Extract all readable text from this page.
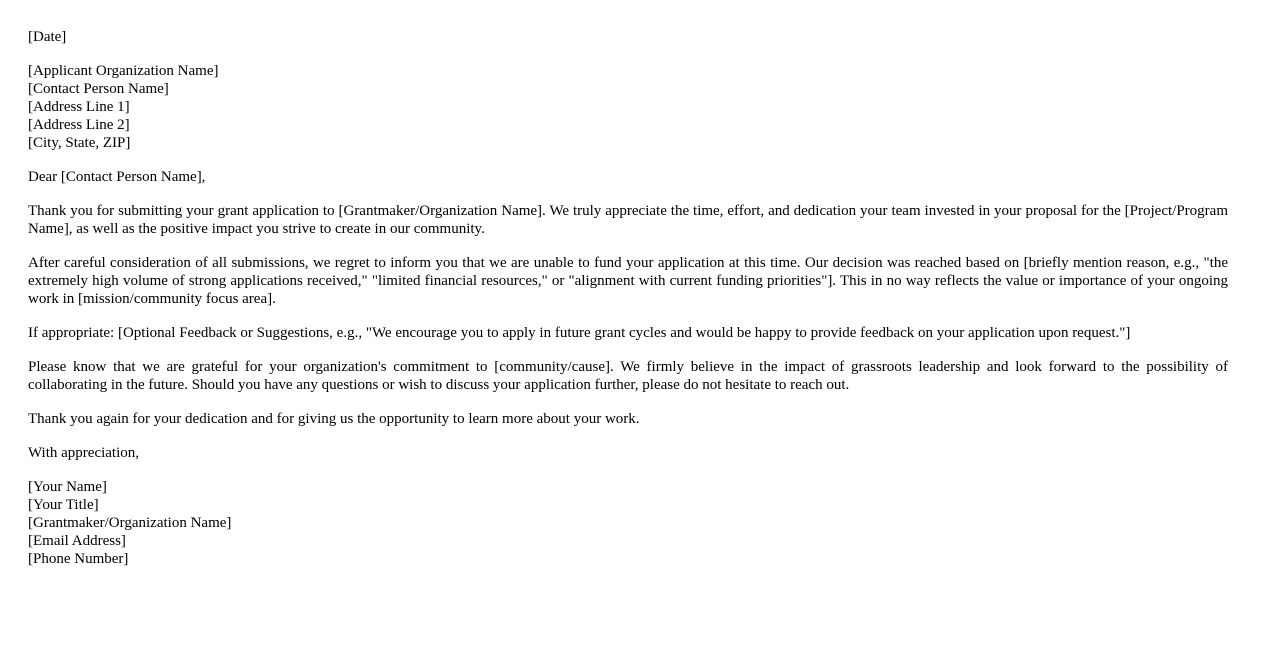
[Date]
[Applicant Organization Name]
[Contact Person Name]
[Address Line 1]
[Address Line 2]
[City, State, ZIP]

Dear [Contact Person Name],

Thank you for submitting your grant application to [Grantmaker/Organization Name]. We truly appreciate the time, effort, and dedication your team invested in your proposal for the [Project/Program Name], as well as the positive impact you strive to create in our community.

After careful consideration of all submissions, we regret to inform you that we are unable to fund your application at this time. Our decision was reached based on [briefly mention reason, e.g., "the extremely high volume of strong applications received," "limited financial resources," or "alignment with current funding priorities"]. This in no way reflects the value or importance of your ongoing work in [mission/community focus area].

If appropriate: [Optional Feedback or Suggestions, e.g., "We encourage you to apply in future grant cycles and would be happy to provide feedback on your application upon request."]

Please know that we are grateful for your organization's commitment to [community/cause]. We firmly believe in the impact of grassroots leadership and look forward to the possibility of collaborating in the future. Should you have any questions or wish to discuss your application further, please do not hesitate to reach out.

Thank you again for your dedication and for giving us the opportunity to learn more about your work.

With appreciation,

[Your Name]
[Your Title]
[Grantmaker/Organization Name]
[Email Address]
[Phone Number]
